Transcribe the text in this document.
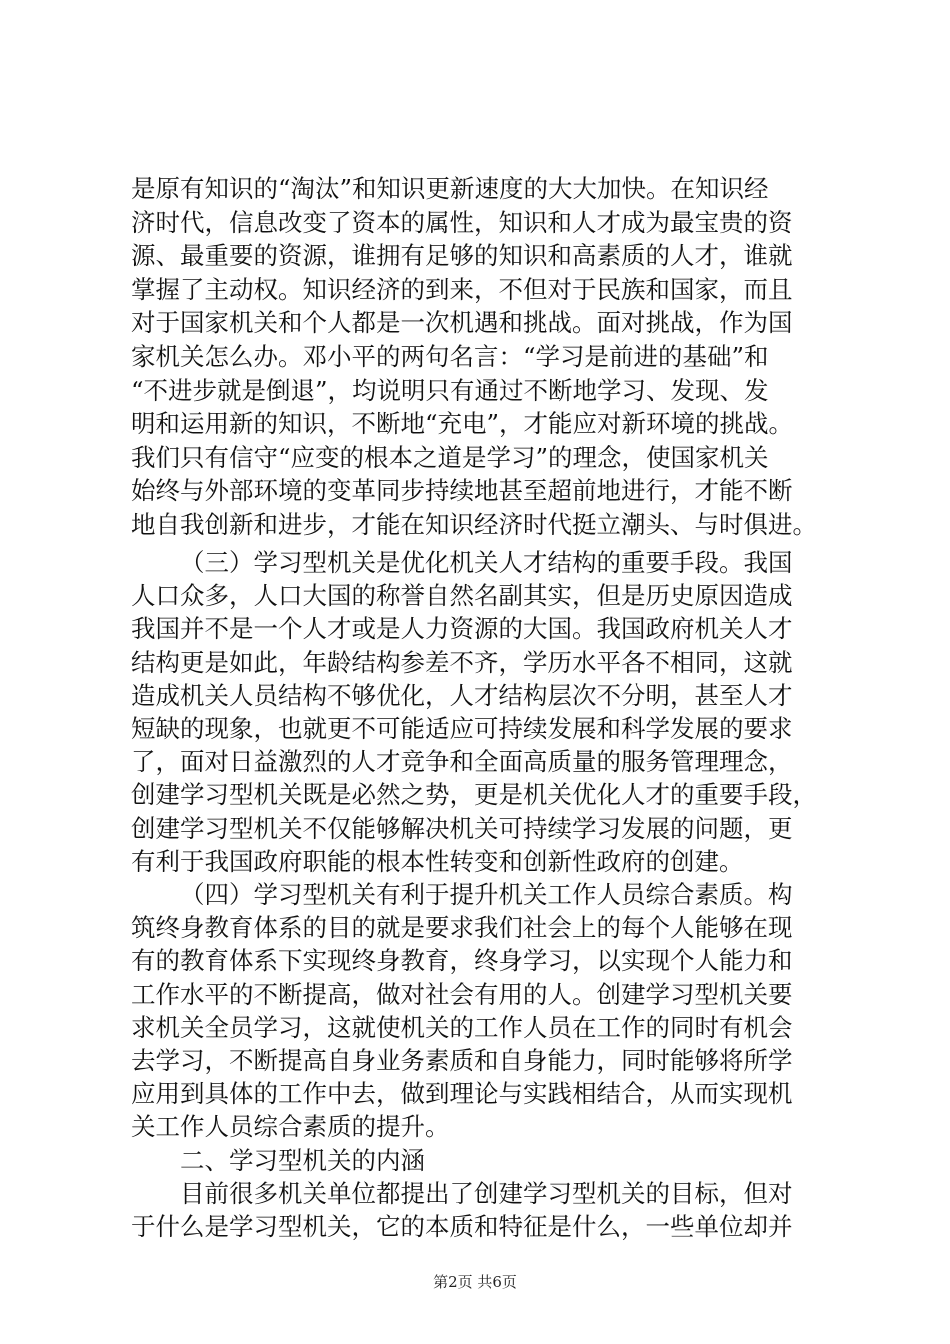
是原有知识的“淘汰”和知识更新速度的大大加快。在知识经
济时代，信息改变了资本的属性，知识和人才成为最宝贵的资
源、最重要的资源，谁拥有足够的知识和高素质的人才，谁就
掌握了主动权。知识经济的到来，不但对于民族和国家，而且
对于国家机关和个人都是一次机遇和挑战。面对挑战，作为国
家机关怎么办。邓小平的两句名言：“学习是前进的基础”和
“不进步就是倒退”，均说明只有通过不断地学习、发现、发
明和运用新的知识，不断地“充电”，才能应对新环境的挑战。
我们只有信守“应变的根本之道是学习”的理念，使国家机关
始终与外部环境的变革同步持续地甚至超前地进行，才能不断
地自我创新和进步，才能在知识经济时代挺立潮头、与时俱进。
（三）学习型机关是优化机关人才结构的重要手段。我国
人口众多，人口大国的称誉自然名副其实，但是历史原因造成
我国并不是一个人才或是人力资源的大国。我国政府机关人才
结构更是如此，年龄结构参差不齐，学历水平各不相同，这就
造成机关人员结构不够优化，人才结构层次不分明，甚至人才
短缺的现象，也就更不可能适应可持续发展和科学发展的要求
了，面对日益激烈的人才竞争和全面高质量的服务管理理念，
创建学习型机关既是必然之势，更是机关优化人才的重要手段，
创建学习型机关不仅能够解决机关可持续学习发展的问题，更
有利于我国政府职能的根本性转变和创新性政府的创建。
（四）学习型机关有利于提升机关工作人员综合素质。构
筑终身教育体系的目的就是要求我们社会上的每个人能够在现
有的教育体系下实现终身教育，终身学习，以实现个人能力和
工作水平的不断提高，做对社会有用的人。创建学习型机关要
求机关全员学习，这就使机关的工作人员在工作的同时有机会
去学习，不断提高自身业务素质和自身能力，同时能够将所学
应用到具体的工作中去，做到理论与实践相结合，从而实现机
关工作人员综合素质的提升。
二、学习型机关的内涵
目前很多机关单位都提出了创建学习型机关的目标，但对
于什么是学习型机关，它的本质和特征是什么，一些单位却并
第2页 共6页
